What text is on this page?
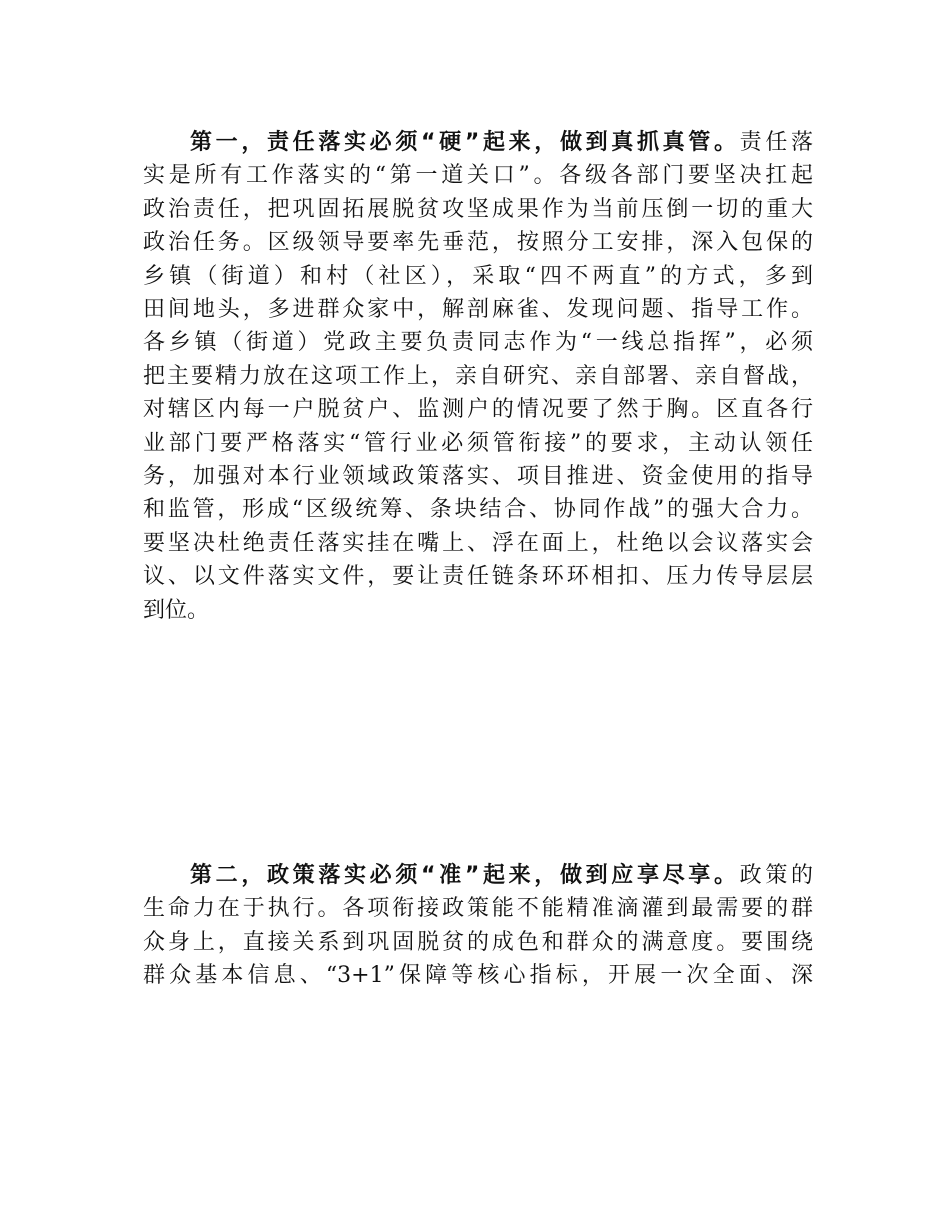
第一，责任落实必须“硬”起来，做到真抓真管。责任落
实是所有工作落实的“第一道关口”。各级各部门要坚决扛起
政治责任，把巩固拓展脱贫攻坚成果作为当前压倒一切的重大
政治任务。区级领导要率先垂范，按照分工安排，深入包保的
乡镇（街道）和村（社区），采取“四不两直”的方式，多到
田间地头，多进群众家中，解剖麻雀、发现问题、指导工作。
各乡镇（街道）党政主要负责同志作为“一线总指挥”，必须
把主要精力放在这项工作上，亲自研究、亲自部署、亲自督战，
对辖区内每一户脱贫户、监测户的情况要了然于胸。区直各行
业部门要严格落实“管行业必须管衔接”的要求，主动认领任
务，加强对本行业领域政策落实、项目推进、资金使用的指导
和监管，形成“区级统筹、条块结合、协同作战”的强大合力。
要坚决杜绝责任落实挂在嘴上、浮在面上，杜绝以会议落实会
议、以文件落实文件，要让责任链条环环相扣、压力传导层层
到位。
第二，政策落实必须“准”起来，做到应享尽享。政策的
生命力在于执行。各项衔接政策能不能精准滴灌到最需要的群
众身上，直接关系到巩固脱贫的成色和群众的满意度。要围绕
群众基本信息、“3+1”保障等核心指标，开展一次全面、深
